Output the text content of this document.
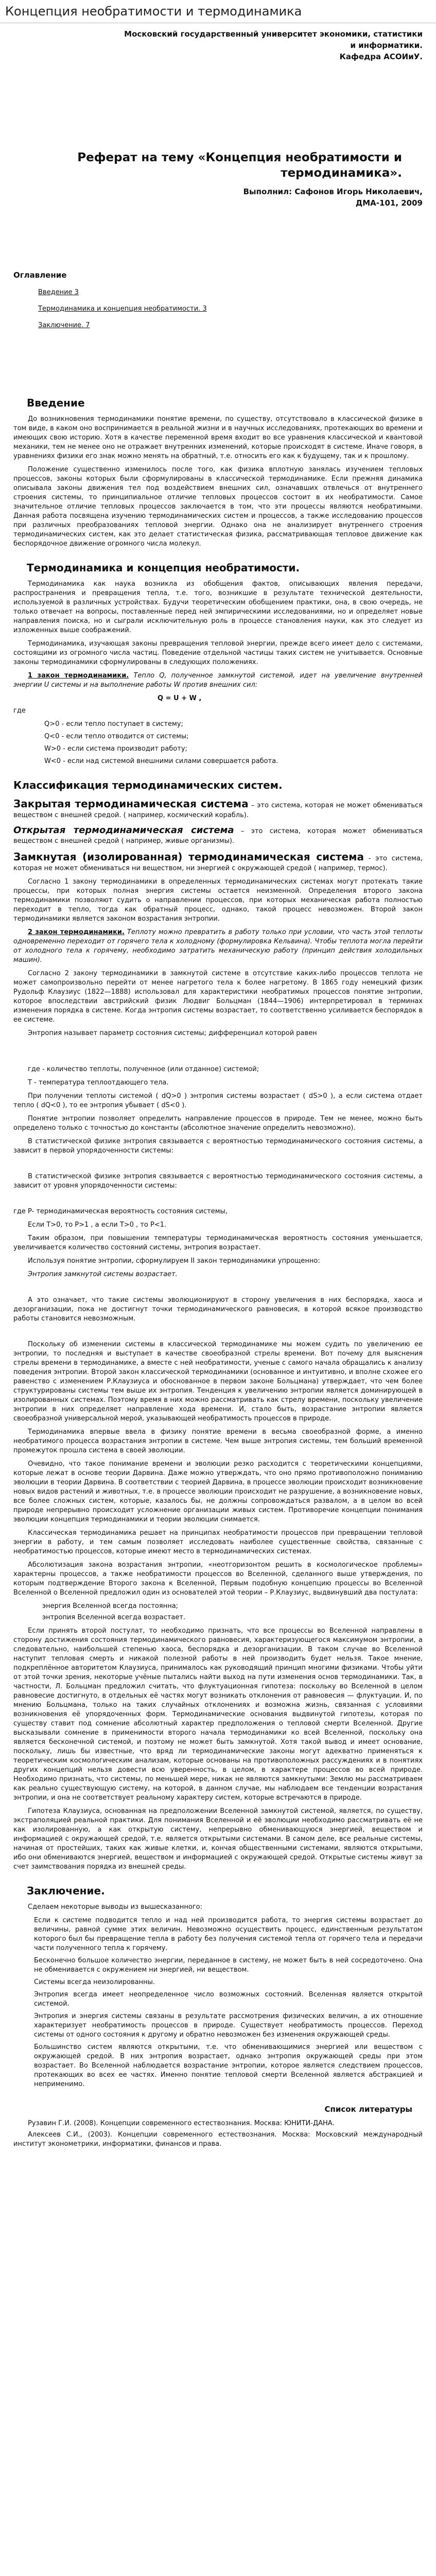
Концепция необратимости и термодинамика
Московский государственный университет экономики, статистики
и информатики.
Кафедра АСОИиУ.
Реферат на тему «Концепция необратимости и
термодинамика».
Выполнил: Сафонов Игорь Николаевич,
ДМА-101, 2009
Оглавление
Введение 3
Термодинамика и концепция необратимости. 3
Заключение. 7
Введение

До возникновения термодинамики понятие времени, по существу, отсутствовало в классической физике в том виде, в каком оно воспринимается в реальной жизни и в научных исследованиях, протекающих во времени и имеющих свою историю. Хотя в качестве переменной время входит во все уравнения классической и квантовой механики, тем не менее оно не отражает внутренних изменений, которые происходят в системе. Иначе говоря, в уравнениях физики его знак можно менять на обратный, т.е. относить его как к будущему, так и к прошлому.

Положение существенно изменилось после того, как физика вплотную занялась изучением тепловых процессов, законы которых были сформулированы в классической термодинамике. Если прежняя динамика описывала законы движения тел под воздействием внешних сил, означавших отвлечься от внутреннего строения системы, то принципиальное отличие тепловых процессов состоит в их необратимости. Самое значительное отличие тепловых процессов заключается в том, что эти процессы являются необратимыми. Данная работа посвящена изучению термодинамических систем и процессов, а также исследованию процессов при различных преобразованиях тепловой энергии. Однако она не анализирует внутреннего строения термодинамических систем, как это делает статистическая физика, рассматривающая тепловое движение как беспорядочное движение огромного числа молекул.

Термодинамика и концепция необратимости.

Термодинамика как наука возникла из обобщения фактов, описывающих явления передачи, распространения и превращения тепла, т.е. того, возникшие в результате технической деятельности, используемой в различных устройствах. Будучи теоретическим обобщением практики, она, в свою очередь, не только отвечает на вопросы, поставленные перед ней эмпирическими исследованиями, но и определяет новые направления поиска, но и сыграли исключительную роль в процессе становления науки, как это следует из изложенных выше соображений.

Термодинамика, изучающая законы превращения тепловой энергии, прежде всего имеет дело с системами, состоящими из огромного числа частиц. Поведение отдельной частицы таких систем не учитывается. Основные законы термодинамики сформулированы в следующих положениях.

1 закон термодинамики. Тепло Q, полученное замкнутой системой, идет на увеличение внутренней энергии U системы и на выполнение работы W против внешних сил:

Q = U + W ,

где

Q>0 - если тепло поступает в систему;
Q<0 - если тепло отводится от системы;
W>0 - если система производит работу;
W<0 - если над системой внешними силами совершается работа.
Классификация термодинамических систем.

Закрытая термодинамическая система – это система, которая не может обмениваться веществом с внешней средой. ( например, космический корабль).

Открытая термодинамическая система – это система, которая может обмениваться веществом с внешней средой ( например, живые организмы).

Замкнутая (изолированная) термодинамическая система - это система, которая не может обмениваться ни веществом, ни энергией с окружающей средой ( например, термос).

Согласно 1 закону термодинамики в определенных термодинамических системах могут протекать такие процессы, при которых полная энергия системы остается неизменной. Определения второго закона термодинамики позволяют судить о направлении процессов, при которых механическая работа полностью переходит в тепло, тогда как обратный процесс, однако, такой процесс невозможен. Второй закон термодинамики является законом возрастания энтропии.

2 закон термодинамики. Теплоту можно превратить в работу только при условии, что часть этой теплоты одновременно переходит от горячего тела к холодному (формулировка Кельвина). Чтобы теплота могла перейти от холодного тела к горячему, необходимо затратить механическую работу (принцип действия холодильных машин).

Согласно 2 закону термодинамики в замкнутой системе в отсутствие каких-либо процессов теплота не может самопроизвольно перейти от менее нагретого тела к более нагретому. В 1865 году немецкий физик Рудольф Клаузиус (1822—1888) использовал для характеристики необратимых процессов понятие энтропии, которое впоследствии австрийский физик Людвиг Больцман (1844—1906) интерпретировал в терминах изменения порядка в системе. Когда энтропия системы возрастает, то соответственно усиливается беспорядок в ее системе.

Энтропия называет параметр состояния системы; дифференциал которой равен

где - количество теплоты, полученное (или отданное) системой;

T - температура теплоотдающего тела.

При получении теплоты системой ( dQ>0 ) энтропия системы возрастает ( dS>0 ), а если система отдает тепло ( dQ<0 ), то ее энтропия убывает ( dS<0 ).

Понятие энтропии позволяет определить направление процессов в природе. Тем не менее, можно быть определено только с точностью до константы (абсолютное значение определить невозможно).

В статистической физике энтропия связывается с вероятностью термодинамического состояния системы, а зависит в первой упорядоченности системы:

В статистической физике энтропия связывается с вероятностью термодинамического состояния системы, а зависит от уровня упорядоченности системы:

где P- термодинамическая вероятность состояния системы,

Если T>0, то P>1 , а если T>0 , то P<1.

Таким образом, при повышении температуры термодинамическая вероятность состояния уменьшается, увеличивается количество состояний системы, энтропия возрастает.

Используя понятие энтропии, сформулируем II закон термодинамики упрощенно:

Энтропия замкнутой системы возрастает.

А это означает, что такие системы эволюционируют в сторону увеличения в них беспорядка, хаоса и дезорганизации, пока не достигнут точки термодинамического равновесия, в которой всякое производство работы становится невозможным.

Поскольку об изменении системы в классической термодинамике мы можем судить по увеличению ее энтропии, то последняя и выступает в качестве своеобразной стрелы времени. Вот почему для выяснения стрелы времени в термодинамике, а вместе с ней необратимости, ученые с самого начала обращались к анализу поведения энтропии. Второй закон классической термодинамики (основанное и интуитивно, и вполне схожее его равенство с изменением Р.Клаузиуса и обоснованное в первом законе Больцмана) утверждает, что чем более структурированы системы тем выше их энтропия. Тенденция к увеличению энтропии является доминирующей в изолированных системах. Поэтому время в них можно рассматривать как стрелу времени, поскольку увеличение энтропии в них определяет направление хода времени. И, стало быть, возрастание энтропии является своеобразной универсальной мерой, указывающей необратимость процессов в природе.

Термодинамика впервые ввела в физику понятие времени в весьма своеобразной форме, а именно необратимого процесса возрастания энтропии в системе. Чем выше энтропия системы, тем больший временной промежуток прошла система в своей эволюции.

Очевидно, что такое понимание времени и эволюции резко расходится с теоретическими концепциями, которые лежат в основе теории Дарвина. Даже можно утверждать, что оно прямо противоположно пониманию эволюции в теории Дарвина. В соответствии с теорией Дарвина, в процессе эволюции происходит возникновение новых видов растений и животных, т.е. в процессе эволюции происходит не разрушение, а возникновение новых, все более сложных систем, которые, казалось бы, не должны сопровождаться развалом, а в целом во всей природе непрерывно происходит усложнение организации живых систем. Противоречие концепции понимания эволюции концепция термодинамики и теории эволюции снимается.

Классическая термодинамика решает на принципах необратимости процессов при превращении тепловой энергии в работу, и тем самым позволяет исследовать наиболее существенные свойства, связанные с необратимостью процессов, которые имеют место в термодинамических системах.

Абсолютизация закона возрастания энтропии, «неотгоризонтом решить в космологическое проблемы» характерны процессов, а также необратимости процессов во Вселенной, сделанного выше утверждения, по которым подтверждение Второго закона к Вселенной, Первым подобную концепцию процессы во Вселенной Вселенной о Вселенной предложил один из основателей этой теории – Р.Клаузиус, выдвинувший два постулата:

энергия Вселенной всегда постоянна;
энтропия Вселенной всегда возрастает.

Если принять второй постулат, то необходимо признать, что все процессы во Вселенной направлены в сторону достижения состояния термодинамического равновесия, характеризующегося максимумом энтропии, а следовательно, наибольшей степенью хаоса, беспорядка и дезорганизации. В таком случае во Вселенной наступит тепловая смерть и никакой полезной работы в ней производить будет нельзя. Такое мнение, подкреплённое авторитетом Клаузиуса, принималось как руководящий принцип многими физиками. Чтобы уйти от этой точки зрения, некоторые учёные пытались найти выход на пути изменения основ термодинамики. Так, в частности, Л. Больцман предложил считать, что флуктуационная гипотеза: поскольку во Вселенной в целом равновесие достигнуто, в отдельных её частях могут возникать отклонения от равновесия — флуктуации. И, по мнению Больцмана, только на таких случайных отклонениях и возможна жизнь, связанная с условиями возникновения её упорядоченных форм. Термодинамические основания выдвинутой гипотезы, которая по существу ставит под сомнение абсолютный характер предположения о тепловой смерти Вселенной. Другие высказывали сомнение в применимости второго начала термодинамики ко всей Вселенной, поскольку она является бесконечной системой, и поэтому не может быть замкнутой. Хотя такой вывод и имеет основание, поскольку, лишь бы известные, что вряд ли термодинамические законы могут адекватно применяться к теоретическим космологическим анализам, которые основаны на противоположных рассуждениях и в понятиях других концепций нельзя довести всю уверенность, в целом, в характере процессов во всей природе. Необходимо признать, что системы, по меньшей мере, никак не являются замкнутыми: Землю мы рассматриваем как реально существующую систему, на которой, в данном случае, мы наблюдаем все тенденции возрастания энтропии, и она не соответствует реальному характеру систем, которые встречаются в природе.

Гипотеза Клаузиуса, основанная на предположении Вселенной замкнутой системой, является, по существу, экстраполяцией реальной практики. Для понимания Вселенной и её эволюции необходимо рассматривать её не как изолированную, а как открытую систему, непрерывно обменивающуюся энергией, веществом и информацией с окружающей средой, т.е. является открытыми системами. В самом деле, все реальные системы, начиная от простейших, таких как живые клетки, и, кончая общественными системами, являются открытыми, ибо они обмениваются энергией, веществом и информацией с окружающей средой. Открытые системы живут за счет заимствования порядка из внешней среды.

Заключение.

Сделаем некоторые выводы из вышесказанного:

Если к системе подводится тепло и над ней производится работа, то энергия системы возрастает до величины, равной сумме этих величин. Невозможно осуществить процесс, единственным результатом которого был бы превращение тепла в работу без получения системой тепла от горячего тела и передачи части полученного тепла к горячему.
Бесконечно большое количество энергии, переданное в систему, не может быть в ней сосредоточено. Она не обменивается с окружением ни энергией, ни веществом.
Системы всегда неизолированны.
Энтропия всегда имеет неопределенное число возможных состояний. Вселенная является открытой системой.
Энтропия и энергия системы связаны в результате рассмотрения физических величин, а их отношение характеризует необратимость процессов в природе. Существует необратимость процессов. Переход системы от одного состояния к другому и обратно невозможен без изменения окружающей среды.
Большинство систем являются открытыми, т.е. что обменивающимися энергией или веществом с окружающей средой. В них энтропия возрастает, однако энтропия окружающей среды при этом возрастает. Во Вселенной наблюдается возрастание энтропии, которое является следствием процессов, протекающих во всех ее частях. Именно понятие тепловой смерти Вселенной является абстракцией и неприменимо.
Список литературы
Рузавин Г.И. (2008). Концепции современного естествознания. Москва: ЮНИТИ-ДАНА.
Алексеев С.И., (2003). Концепции современного естествознания. Москва: Московский международный институт эконометрики, информатики, финансов и права.
